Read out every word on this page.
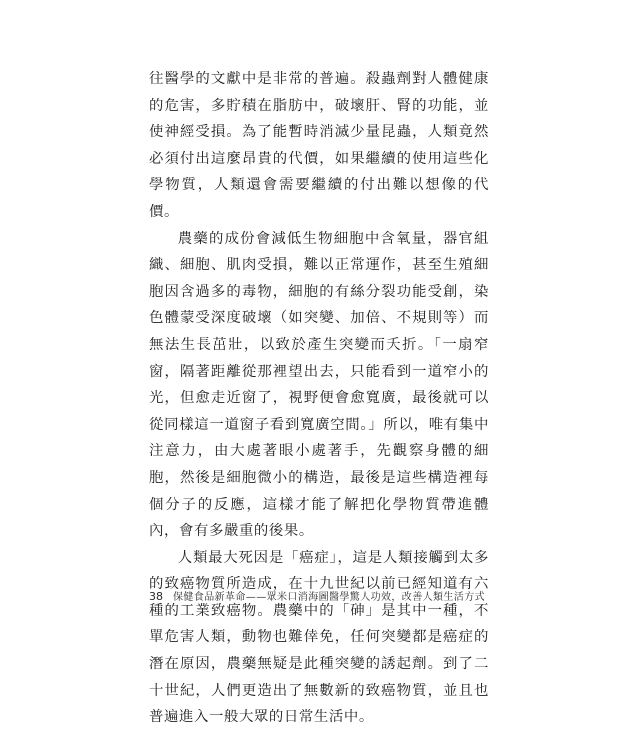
往醫學的文獻中是非常的普遍。殺蟲劑對人體健康的危害，多貯積在脂肪中，破壞肝、腎的功能，並使神經受損。為了能暫時消滅少量昆蟲，人類竟然必須付出這麼昂貴的代價，如果繼續的使用這些化學物質，人類還會需要繼續的付出難以想像的代價。

農藥的成份會減低生物細胞中含氧量，器官組織、細胞、肌肉受損，難以正常運作，甚至生殖細胞因含過多的毒物，細胞的有絲分裂功能受創，染色體蒙受深度破壞（如突變、加倍、不規則等）而無法生長茁壯，以致於產生突變而夭折。「一扇窄窗，隔著距離從那裡望出去，只能看到一道窄小的光，但愈走近窗了，視野便會愈寬廣，最後就可以從同樣這一道窗子看到寬廣空間。」所以，唯有集中注意力，由大處著眼小處著手，先觀察身體的細胞，然後是細胞微小的構造，最後是這些構造裡每個分子的反應，這樣才能了解把化學物質帶進體內，會有多嚴重的後果。

人類最大死因是「癌症」，這是人類接觸到太多的致癌物質所造成，在十九世紀以前已經知道有六種的工業致癌物。農藥中的「砷」是其中一種，不單危害人類，動物也難倖免，任何突變都是癌症的潛在原因，農藥無疑是此種突變的誘起劑。到了二十世紀，人們更造出了無數新的致癌物質，並且也普遍進入一般大眾的日常生活中。

38 保健食品新革命——眾米口消海圖醫學驚人功效，改善人類生活方式
